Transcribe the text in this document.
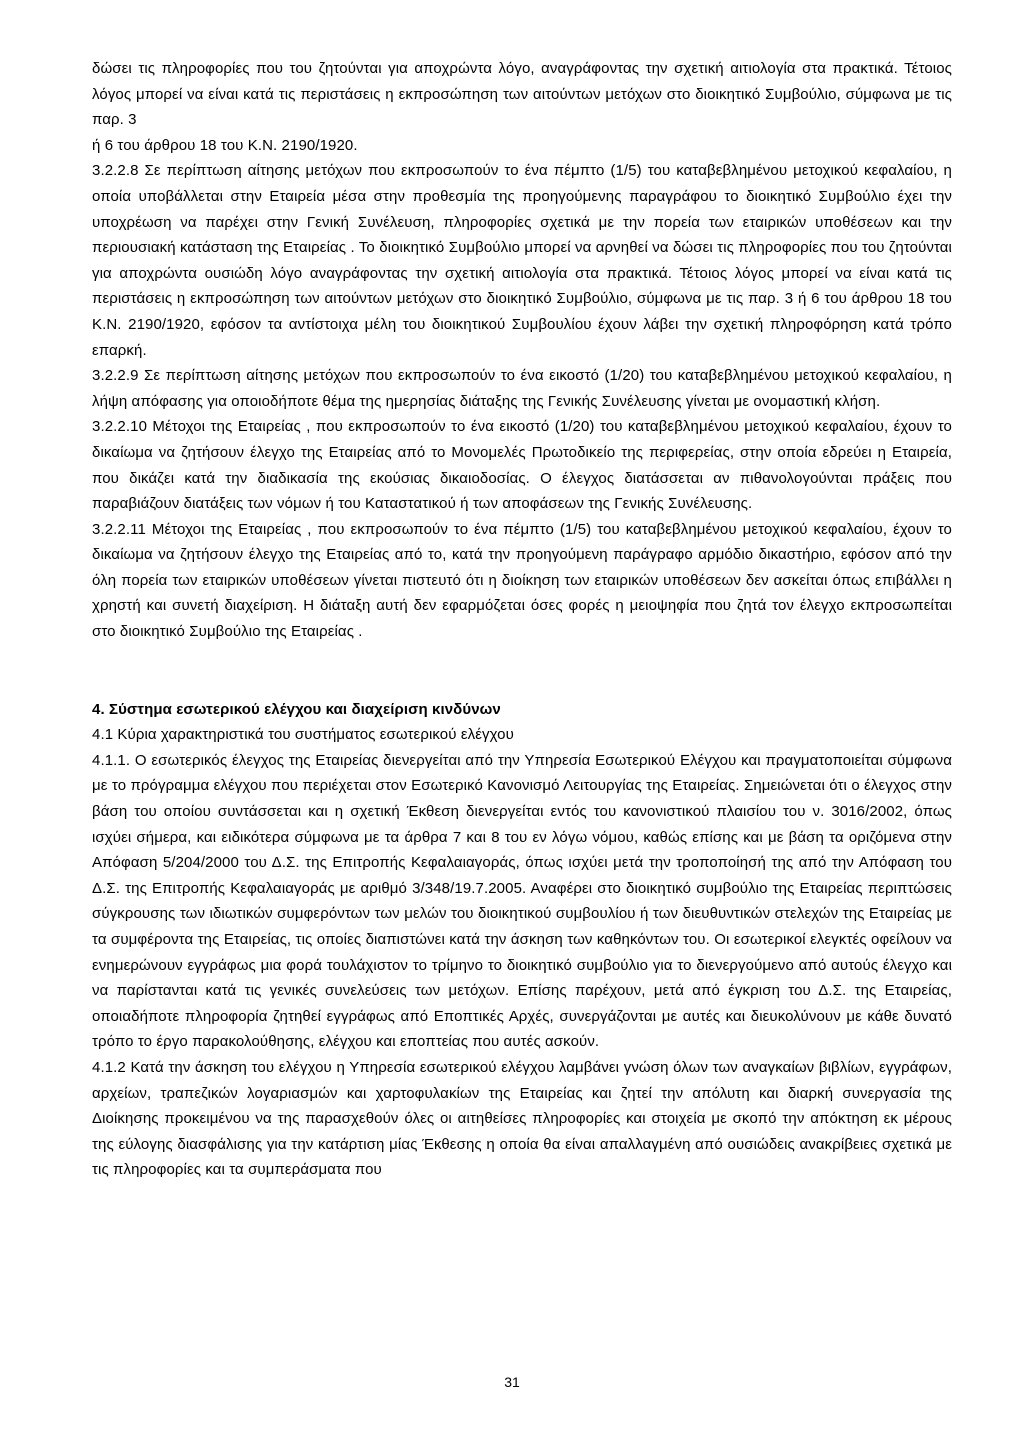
δώσει τις πληροφορίες που του ζητούνται για αποχρώντα λόγο, αναγράφοντας την σχετική αιτιολογία στα πρακτικά. Τέτοιος λόγος μπορεί να είναι κατά τις περιστάσεις η εκπροσώπηση των αιτούντων μετόχων στο διοικητικό Συμβούλιο, σύμφωνα με τις παρ. 3

ή 6 του άρθρου 18 του Κ.Ν. 2190/1920.

3.2.2.8 Σε περίπτωση αίτησης μετόχων που εκπροσωπούν το ένα πέμπτο (1/5) του καταβεβλημένου μετοχικού κεφαλαίου, η οποία υποβάλλεται στην Εταιρεία μέσα στην προθεσμία της προηγούμενης παραγράφου το διοικητικό Συμβούλιο έχει την υποχρέωση να παρέχει στην Γενική Συνέλευση, πληροφορίες σχετικά με την πορεία των εταιρικών υποθέσεων και την περιουσιακή κατάσταση της Εταιρείας . Το διοικητικό Συμβούλιο μπορεί να αρνηθεί να δώσει τις πληροφορίες που του ζητούνται για αποχρώντα ουσιώδη λόγο αναγράφοντας την σχετική αιτιολογία στα πρακτικά. Τέτοιος λόγος μπορεί να είναι κατά τις περιστάσεις η εκπροσώπηση των αιτούντων μετόχων στο διοικητικό Συμβούλιο, σύμφωνα με τις παρ. 3 ή 6 του άρθρου 18 του Κ.Ν. 2190/1920, εφόσον τα αντίστοιχα μέλη του διοικητικού Συμβουλίου έχουν λάβει την σχετική πληροφόρηση κατά τρόπο επαρκή.

3.2.2.9 Σε περίπτωση αίτησης μετόχων που εκπροσωπούν το ένα εικοστό (1/20) του καταβεβλημένου μετοχικού κεφαλαίου, η λήψη απόφασης για οποιοδήποτε θέμα της ημερησίας διάταξης της Γενικής Συνέλευσης γίνεται με ονομαστική κλήση.

3.2.2.10 Μέτοχοι της Εταιρείας , που εκπροσωπούν το ένα εικοστό (1/20) του καταβεβλημένου μετοχικού κεφαλαίου, έχουν το δικαίωμα να ζητήσουν έλεγχο της Εταιρείας από το Μονομελές Πρωτοδικείο της περιφερείας, στην οποία εδρεύει η Εταιρεία, που δικάζει κατά την διαδικασία της εκούσιας δικαιοδοσίας. Ο έλεγχος διατάσσεται αν πιθανολογούνται πράξεις που παραβιάζουν διατάξεις των νόμων ή του Καταστατικού ή των αποφάσεων της Γενικής Συνέλευσης.

3.2.2.11 Μέτοχοι της Εταιρείας , που εκπροσωπούν το ένα πέμπτο (1/5) του καταβεβλημένου μετοχικού κεφαλαίου, έχουν το δικαίωμα να ζητήσουν έλεγχο της Εταιρείας από το, κατά την προηγούμενη παράγραφο αρμόδιο δικαστήριο, εφόσον από την όλη πορεία των εταιρικών υποθέσεων γίνεται πιστευτό ότι η διοίκηση των εταιρικών υποθέσεων δεν ασκείται όπως επιβάλλει η χρηστή και συνετή διαχείριση. Η διάταξη αυτή δεν εφαρμόζεται όσες φορές η μειοψηφία που ζητά τον έλεγχο εκπροσωπείται στο διοικητικό Συμβούλιο της Εταιρείας .

4. Σύστημα εσωτερικού ελέγχου και διαχείριση κινδύνων

4.1 Κύρια χαρακτηριστικά του συστήματος εσωτερικού ελέγχου

4.1.1. Ο εσωτερικός έλεγχος της Εταιρείας διενεργείται από την Υπηρεσία Εσωτερικού Ελέγχου και πραγματοποιείται σύμφωνα με το πρόγραμμα ελέγχου που περιέχεται στον Εσωτερικό Κανονισμό Λειτουργίας της Εταιρείας. Σημειώνεται ότι ο έλεγχος στην βάση του οποίου συντάσσεται και η σχετική Έκθεση διενεργείται εντός του κανονιστικού πλαισίου του ν. 3016/2002, όπως ισχύει σήμερα, και ειδικότερα σύμφωνα με τα άρθρα 7 και 8 του εν λόγω νόμου, καθώς επίσης και με βάση τα οριζόμενα στην Απόφαση 5/204/2000 του Δ.Σ. της Επιτροπής Κεφαλαιαγοράς, όπως ισχύει μετά την τροποποίησή της από την Απόφαση του Δ.Σ. της Επιτροπής Κεφαλαιαγοράς με αριθμό 3/348/19.7.2005. Αναφέρει στο διοικητικό συμβούλιο της Εταιρείας περιπτώσεις σύγκρουσης των ιδιωτικών συμφερόντων των μελών του διοικητικού συμβουλίου ή των διευθυντικών στελεχών της Εταιρείας με τα συμφέροντα της Εταιρείας, τις οποίες διαπιστώνει κατά την άσκηση των καθηκόντων του. Οι εσωτερικοί ελεγκτές οφείλουν να ενημερώνουν εγγράφως μια φορά τουλάχιστον το τρίμηνο το διοικητικό συμβούλιο για το διενεργούμενο από αυτούς έλεγχο και να παρίστανται κατά τις γενικές συνελεύσεις των μετόχων. Επίσης παρέχουν, μετά από έγκριση του Δ.Σ. της Εταιρείας, οποιαδήποτε πληροφορία ζητηθεί εγγράφως από Εποπτικές Αρχές, συνεργάζονται με αυτές και διευκολύνουν με κάθε δυνατό τρόπο το έργο παρακολούθησης, ελέγχου και εποπτείας που αυτές ασκούν.

4.1.2 Κατά την άσκηση του ελέγχου η Υπηρεσία εσωτερικού ελέγχου λαμβάνει γνώση όλων των αναγκαίων βιβλίων, εγγράφων, αρχείων, τραπεζικών λογαριασμών και χαρτοφυλακίων της Εταιρείας και ζητεί την απόλυτη και διαρκή συνεργασία της Διοίκησης προκειμένου να της παρασχεθούν όλες οι αιτηθείσες πληροφορίες και στοιχεία με σκοπό την απόκτηση εκ μέρους της εύλογης διασφάλισης για την κατάρτιση μίας Έκθεσης η οποία θα είναι απαλλαγμένη από ουσιώδεις ανακρίβειες σχετικά με τις πληροφορίες και τα συμπεράσματα που

31
